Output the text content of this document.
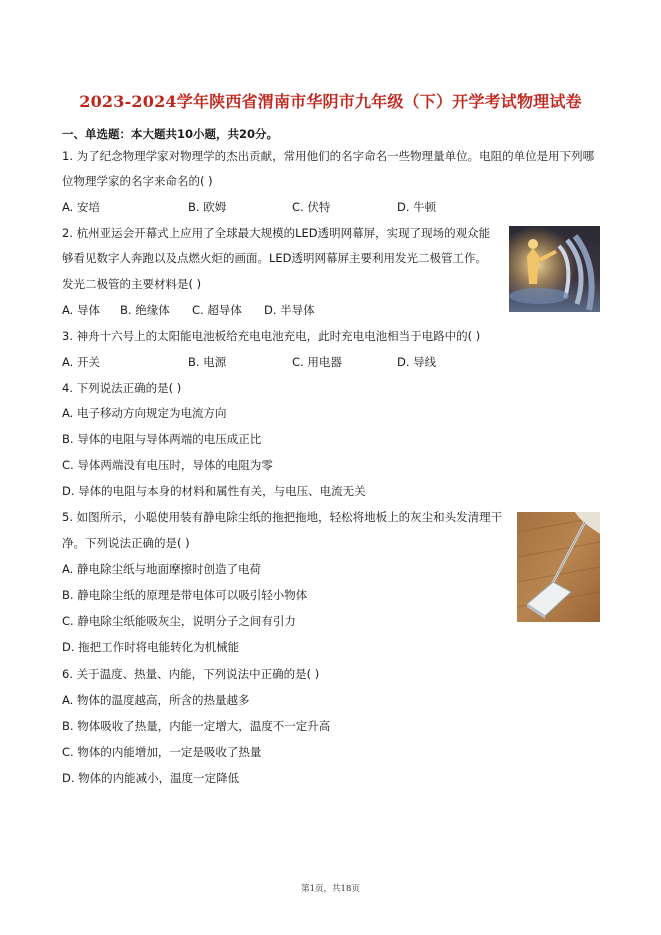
2023-2024学年陕西省渭南市华阴市九年级（下）开学考试物理试卷
一、单选题：本大题共10小题，共20分。
1. 为了纪念物理学家对物理学的杰出贡献，常用他们的名字命名一些物理量单位。电阻的单位是用下列哪
位物理学家的名字来命名的( )
A. 安培	B. 欧姆	C. 伏特	D. 牛顿
2. 杭州亚运会开幕式上应用了全球最大规模的LED透明网幕屏，实现了现场的观众能
够看见数字人奔跑以及点燃火炬的画面。LED透明网幕屏主要利用发光二极管工作。
发光二极管的主要材料是( )
A. 导体 B. 绝缘体 C. 超导体 D. 半导体
3. 神舟十六号上的太阳能电池板给充电电池充电，此时充电电池相当于电路中的( )
A. 开关	B. 电源	C. 用电器	D. 导线
4. 下列说法正确的是( )
A. 电子移动方向规定为电流方向
B. 导体的电阻与导体两端的电压成正比
C. 导体两端没有电压时，导体的电阻为零
D. 导体的电阻与本身的材料和属性有关，与电压、电流无关
5. 如图所示，小聪使用装有静电除尘纸的拖把拖地，轻松将地板上的灰尘和头发清理干
净。下列说法正确的是( )
A. 静电除尘纸与地面摩擦时创造了电荷
B. 静电除尘纸的原理是带电体可以吸引轻小物体
C. 静电除尘纸能吸灰尘，说明分子之间有引力
D. 拖把工作时将电能转化为机械能
6. 关于温度、热量、内能，下列说法中正确的是( )
A. 物体的温度越高，所含的热量越多
B. 物体吸收了热量，内能一定增大，温度不一定升高
C. 物体的内能增加，一定是吸收了热量
D. 物体的内能减小，温度一定降低
第1页，共18页
